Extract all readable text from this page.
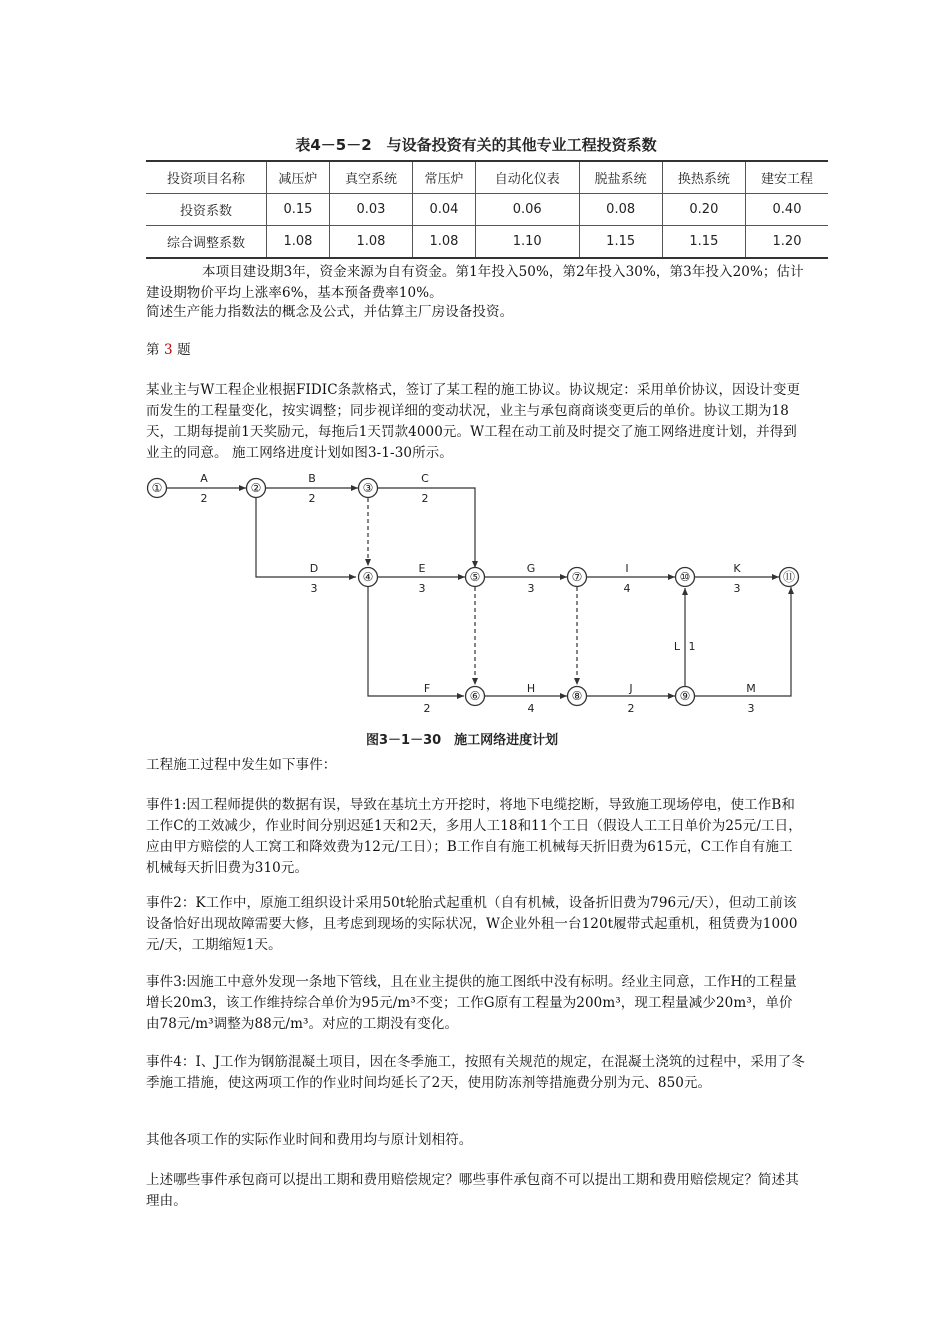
表4－5－2　与设备投资有关的其他专业工程投资系数
投资项目名称	减压炉	真空系统	常压炉	自动化仪表	脱盐系统	换热系统	建安工程
投资系数	0.15	0.03	0.04	0.06	0.08	0.20	0.40
综合调整系数	1.08	1.08	1.08	1.10	1.15	1.15	1.20
本项目建设期3年，资金来源为自有资金。第1年投入50%，第2年投入30%，第3年投入20%；估计建设期物价平均上涨率6%，基本预备费率10%。
简述生产能力指数法的概念及公式，并估算主厂房设备投资。
第 3 题
某业主与W工程企业根据FIDIC条款格式，签订了某工程的施工协议。协议规定：采用单价协议，因设计变更而发生的工程量变化，按实调整；同步视详细的变动状况，业主与承包商商谈变更后的单价。协议工期为18天，工期每提前1天奖励元，每拖后1天罚款4000元。W工程在动工前及时提交了施工网络进度计划，并得到业主的同意。 施工网络进度计划如图3-1-30所示。
①	②	③
④	⑤
⑥
⑦
⑧	⑨
⑩	⑪
A
2
B
2
C
2
D
3
E
3
G
3
I
4
K
3
L 1
F
2
H
4
J
2
M
3
图3－1－30　施工网络进度计划
工程施工过程中发生如下事件：
事件1:因工程师提供的数据有误，导致在基坑土方开挖时，将地下电缆挖断，导致施工现场停电，使工作B和工作C的工效减少，作业时间分别迟延1天和2天，多用人工18和11个工日（假设人工工日单价为25元/工日，应由甲方赔偿的人工窝工和降效费为12元/工日）；B工作自有施工机械每天折旧费为615元，C工作自有施工机械每天折旧费为310元。
事件2：K工作中，原施工组织设计采用50t轮胎式起重机（自有机械，设备折旧费为796元/天），但动工前该设备恰好出现故障需要大修，且考虑到现场的实际状况，W企业外租一台120t履带式起重机，租赁费为1000元/天，工期缩短1天。
事件3:因施工中意外发现一条地下管线，且在业主提供的施工图纸中没有标明。经业主同意，工作H的工程量增长20m3，该工作维持综合单价为95元/m³不变；工作G原有工程量为200m³，现工程量减少20m³，单价由78元/m³调整为88元/m³。对应的工期没有变化。
事件4：I、J工作为钢筋混凝土项目，因在冬季施工，按照有关规范的规定，在混凝土浇筑的过程中，采用了冬季施工措施，使这两项工作的作业时间均延长了2天，使用防冻剂等措施费分别为元、850元。
其他各项工作的实际作业时间和费用均与原计划相符。
上述哪些事件承包商可以提出工期和费用赔偿规定？哪些事件承包商不可以提出工期和费用赔偿规定？简述其理由。
